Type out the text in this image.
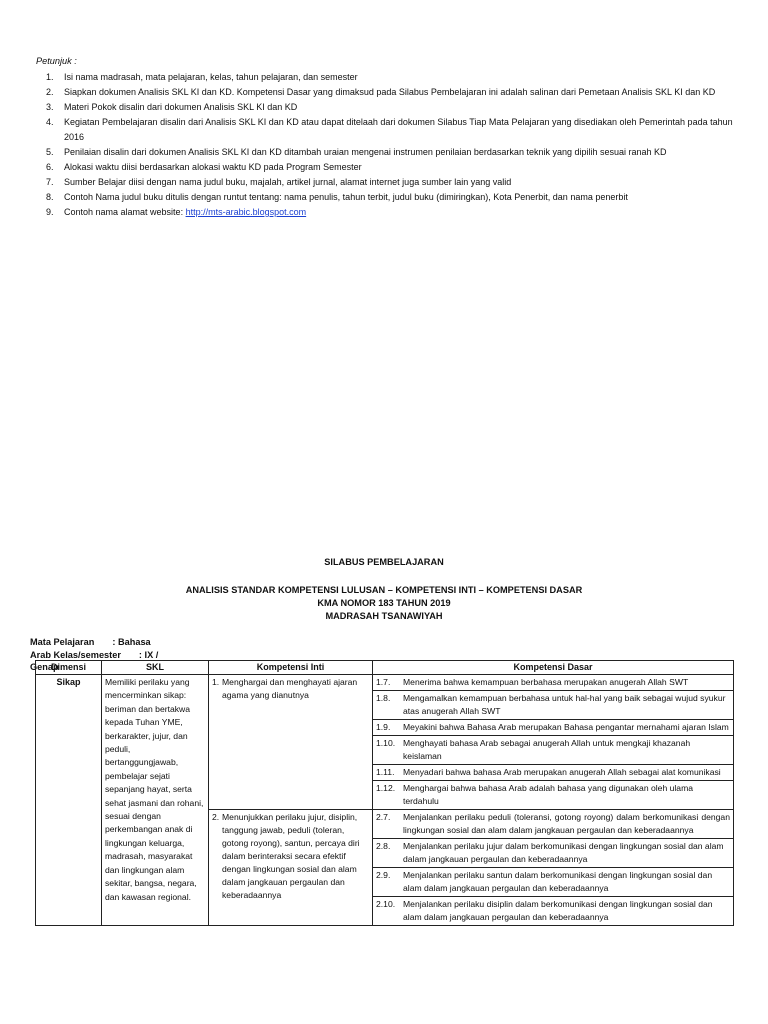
Petunjuk :
1. Isi nama madrasah, mata pelajaran, kelas, tahun pelajaran, dan semester
2. Siapkan dokumen Analisis SKL KI dan KD. Kompetensi Dasar yang dimaksud pada Silabus Pembelajaran ini adalah salinan dari Pemetaan Analisis SKL KI dan KD
3. Materi Pokok disalin dari dokumen Analisis SKL KI dan KD
4. Kegiatan Pembelajaran disalin dari Analisis SKL KI dan KD atau dapat ditelaah dari dokumen Silabus Tiap Mata Pelajaran yang disediakan oleh Pemerintah pada tahun 2016
5. Penilaian disalin dari dokumen Analisis SKL KI dan KD ditambah uraian mengenai instrumen penilaian berdasarkan teknik yang dipilih sesuai ranah KD
6. Alokasi waktu diisi berdasarkan alokasi waktu KD pada Program Semester
7. Sumber Belajar diisi dengan nama judul buku, majalah, artikel jurnal, alamat internet juga sumber lain yang valid
8. Contoh Nama judul buku ditulis dengan runtut tentang: nama penulis, tahun terbit, judul buku (dimiringkan), Kota Penerbit, dan nama penerbit
9. Contoh nama alamat website: http://mts-arabic.blogspot.com
SILABUS PEMBELAJARAN
ANALISIS STANDAR KOMPETENSI LULUSAN – KOMPETENSI INTI – KOMPETENSI DASAR
KMA NOMOR 183 TAHUN 2019
MADRASAH TSANAWIYAH
Mata Pelajaran : Bahasa
Arab Kelas/semester : IX /
Genap
Dimensi	SKL	Kompetensi Inti	Kompetensi Dasar
Sikap	Memiliki perilaku yang mencerminkan sikap: beriman dan bertakwa kepada Tuhan YME, berkarakter, jujur, dan peduli, bertanggungjawab, pembelajar sejati sepanjang hayat, serta sehat jasmani dan rohani, sesuai dengan perkembangan anak di lingkungan keluarga, madrasah, masyarakat dan lingkungan alam sekitar, bangsa, negara, dan kawasan regional.	1. Menghargai dan menghayati ajaran agama yang dianutnya	1.7. Menerima bahwa kemampuan berbahasa merupakan anugerah Allah SWT

			1.8. Mengamalkan kemampuan berbahasa untuk hal-hal yang baik sebagai wujud syukur atas anugerah Allah SWT

			1.9. Meyakini bahwa Bahasa Arab merupakan Bahasa pengantar mernahami ajaran Islam

			1.10. Menghayati bahasa Arab sebagai anugerah Allah untuk mengkaji khazanah keislaman

			1.11. Menyadari bahwa bahasa Arab merupakan anugerah Allah sebagai alat komunikasi

			1.12. Menghargai bahwa bahasa Arab adalah bahasa yang digunakan oleh ulama terdahulu

		2. Menunjukkan perilaku jujur, disiplin, tanggung jawab, peduli (toleran, gotong royong), santun, percaya diri dalam berinteraksi secara efektif dengan lingkungan sosial dan alam dalam jangkauan pergaulan dan keberadaannya	2.7. Menjalankan perilaku peduli (toleransi, gotong royong) dalam berkomunikasi dengan lingkungan sosial dan alam dalam jangkauan pergaulan dan keberadaannya

			2.8. Menjalankan perilaku jujur dalam berkomunikasi dengan lingkungan sosial dan alam dalam jangkauan pergaulan dan keberadaannya

			2.9. Menjalankan perilaku santun dalam berkomunikasi dengan lingkungan sosial dan alam dalam jangkauan pergaulan dan keberadaannya

			2.10. Menjalankan perilaku disiplin dalam berkomunikasi dengan lingkungan sosial dan alam dalam jangkauan pergaulan dan keberadaannya
